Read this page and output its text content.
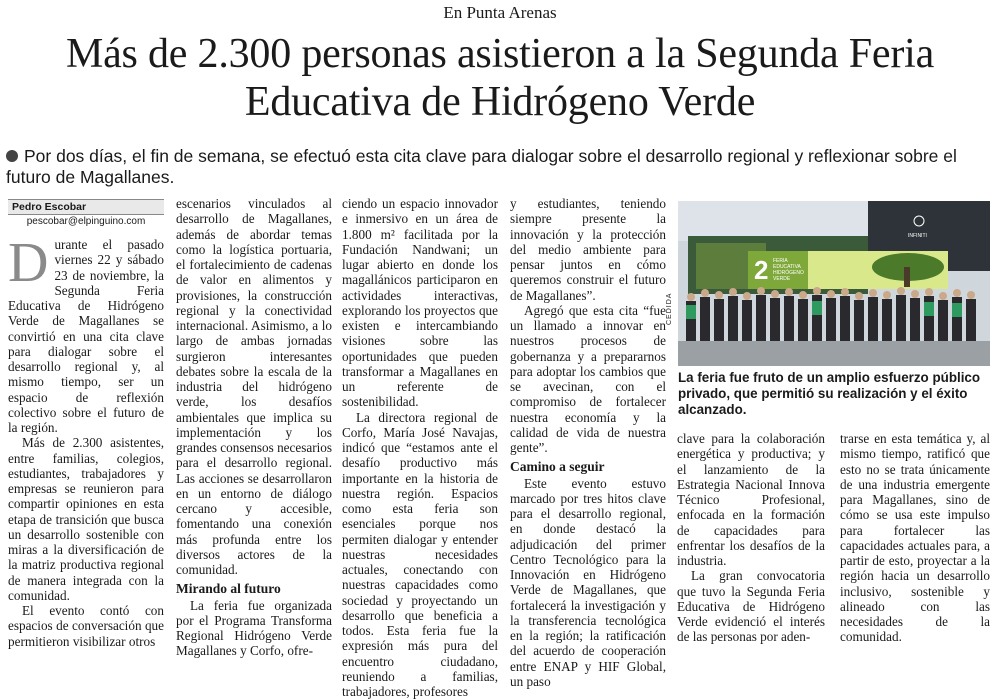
En Punta Arenas
Más de 2.300 personas asistieron a la Segunda Feria Educativa de Hidrógeno Verde
Por dos días, el fin de semana, se efectuó esta cita clave para dialogar sobre el desarrollo regional y reflexionar sobre el futuro de Magallanes.
Pedro Escobar
pescobar@elpinguino.com

Durante el pasado viernes 22 y sábado 23 de noviembre, la Segunda Feria Educativa de Hidrógeno Verde de Magallanes se convirtió en una cita clave para dialogar sobre el desarrollo regional y, al mismo tiempo, ser un espacio de reflexión colectivo sobre el futuro de la región.

Más de 2.300 asistentes, entre familias, colegios, estudiantes, trabajadores y empresas se reunieron para compartir opiniones en esta etapa de transición que busca un desarrollo sostenible con miras a la diversificación de la matriz productiva regional de manera integrada con la comunidad.

El evento contó con espacios de conversación que permitieron visibilizar otros

escenarios vinculados al desarrollo de Magallanes, además de abordar temas como la logística portuaria, el fortalecimiento de cadenas de valor en alimentos y provisiones, la construcción regional y la conectividad internacional. Asimismo, a lo largo de ambas jornadas surgieron interesantes debates sobre la escala de la industria del hidrógeno verde, los desafíos ambientales que implica su implementación y los grandes consensos necesarios para el desarrollo regional. Las acciones se desarrollaron en un entorno de diálogo cercano y accesible, fomentando una conexión más profunda entre los diversos actores de la comunidad.

Mirando al futuro

La feria fue organizada por el Programa Transforma Regional Hidrógeno Verde Magallanes y Corfo, ofre-

ciendo un espacio innovador e inmersivo en un área de 1.800 m² facilitada por la Fundación Nandwani; un lugar abierto en donde los magallánicos participaron en actividades interactivas, explorando los proyectos que existen e intercambiando visiones sobre las oportunidades que pueden transformar a Magallanes en un referente de sostenibilidad.

La directora regional de Corfo, María José Navajas, indicó que “estamos ante el desafío productivo más importante en la historia de nuestra región. Espacios como esta feria son esenciales porque nos permiten dialogar y entender nuestras necesidades actuales, conectando con nuestras capacidades como sociedad y proyectando un desarrollo que beneficia a todos. Esta feria fue la expresión más pura del encuentro ciudadano, reuniendo a familias, trabajadores, profesores

y estudiantes, teniendo siempre presente la innovación y la protección del medio ambiente para pensar juntos en cómo queremos construir el futuro de Magallanes”.

Agregó que esta cita “fue un llamado a innovar en nuestros procesos de gobernanza y a prepararnos para adoptar los cambios que se avecinan, con el compromiso de fortalecer nuestra economía y la calidad de vida de nuestra gente”.

Camino a seguir

Este evento estuvo marcado por tres hitos clave para el desarrollo regional, en donde destacó la adjudicación del primer Centro Tecnológico para la Innovación en Hidrógeno Verde de Magallanes, que fortalecerá la investigación y la transferencia tecnológica en la región; la ratificación del acuerdo de cooperación entre ENAP y HIF Global, un paso

2 FERIA
EDUCATIVA
HIDRÓGENO
VERDE
INFINITI
CEDIDA
La feria fue fruto de un amplio esfuerzo público privado, que permitió su realización y el éxito alcanzado.

clave para la colaboración energética y productiva; y el lanzamiento de la Estrategia Nacional Innova Técnico Profesional, enfocada en la formación de capacidades para enfrentar los desafíos de la industria.

La gran convocatoria que tuvo la Segunda Feria Educativa de Hidrógeno Verde evidenció el interés de las personas por aden-

trarse en esta temática y, al mismo tiempo, ratificó que esto no se trata únicamente de una industria emergente para Magallanes, sino de cómo se usa este impulso para fortalecer las capacidades actuales para, a partir de esto, proyectar a la región hacia un desarrollo inclusivo, sostenible y alineado con las necesidades de la comunidad.
